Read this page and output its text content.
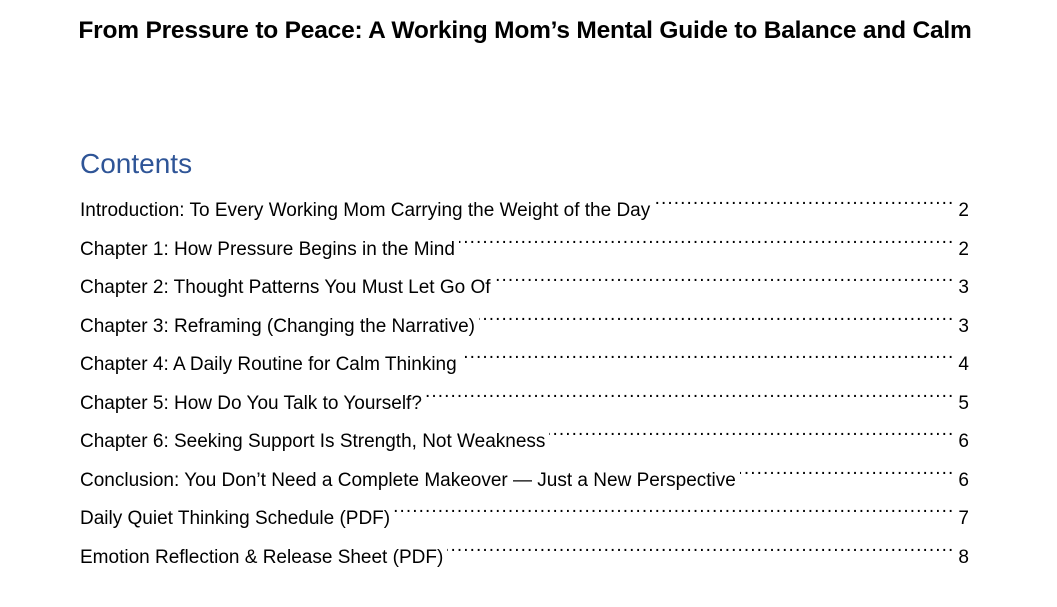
From Pressure to Peace: A Working Mom’s Mental Guide to Balance and Calm
Contents
Introduction: To Every Working Mom Carrying the Weight of the Day .....	2
Chapter 1: How Pressure Begins in the Mind .....	2
Chapter 2: Thought Patterns You Must Let Go Of .....	3
Chapter 3: Reframing (Changing the Narrative) .....	3
Chapter 4: A Daily Routine for Calm Thinking .....	4
Chapter 5: How Do You Talk to Yourself? .....	5
Chapter 6: Seeking Support Is Strength, Not Weakness .....	6
Conclusion: You Don’t Need a Complete Makeover — Just a New Perspective .....	6
Daily Quiet Thinking Schedule (PDF) .....	7
Emotion Reflection & Release Sheet (PDF) .....	8
